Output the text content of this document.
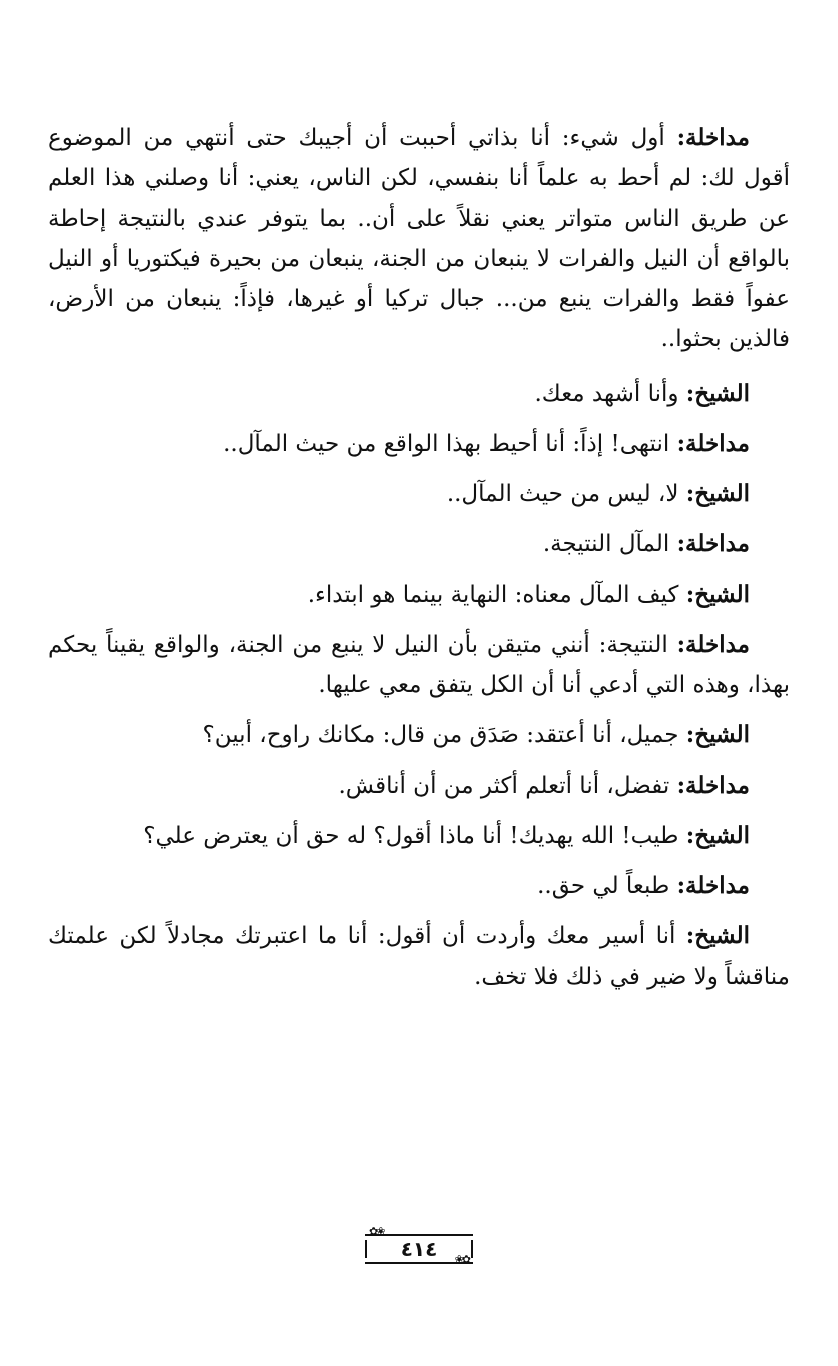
مداخلة: أول شيء: أنا بذاتي أحببت أن أجيبك حتى أنتهي من الموضوع أقول لك: لم أحط به علماً أنا بنفسي، لكن الناس، يعني: أنا وصلني هذا العلم عن طريق الناس متواتر يعني نقلاً على أن.. بما يتوفر عندي بالنتيجة إحاطة بالواقع أن النيل والفرات لا ينبعان من الجنة، ينبعان من بحيرة فيكتوريا أو النيل عفواً فقط والفرات ينبع من... جبال تركيا أو غيرها، فإذاً: ينبعان من الأرض، فالذين بحثوا..

الشيخ: وأنا أشهد معك.

مداخلة: انتهى! إذاً: أنا أحيط بهذا الواقع من حيث المآل..

الشيخ: لا، ليس من حيث المآل..

مداخلة: المآل النتيجة.

الشيخ: كيف المآل معناه: النهاية بينما هو ابتداء.

مداخلة: النتيجة: أنني متيقن بأن النيل لا ينبع من الجنة، والواقع يقيناً يحكم بهذا، وهذه التي أدعي أنا أن الكل يتفق معي عليها.

الشيخ: جميل، أنا أعتقد: صَدَق من قال: مكانك راوح، أبين؟

مداخلة: تفضل، أنا أتعلم أكثر من أن أناقش.

الشيخ: طيب! الله يهديك! أنا ماذا أقول؟ له حق أن يعترض علي؟

مداخلة: طبعاً لي حق..

الشيخ: أنا أسير معك وأردت أن أقول: أنا ما اعتبرتك مجادلاً لكن علمتك مناقشاً ولا ضير في ذلك فلا تخف.

✿❀
٤١٤	❀✿
